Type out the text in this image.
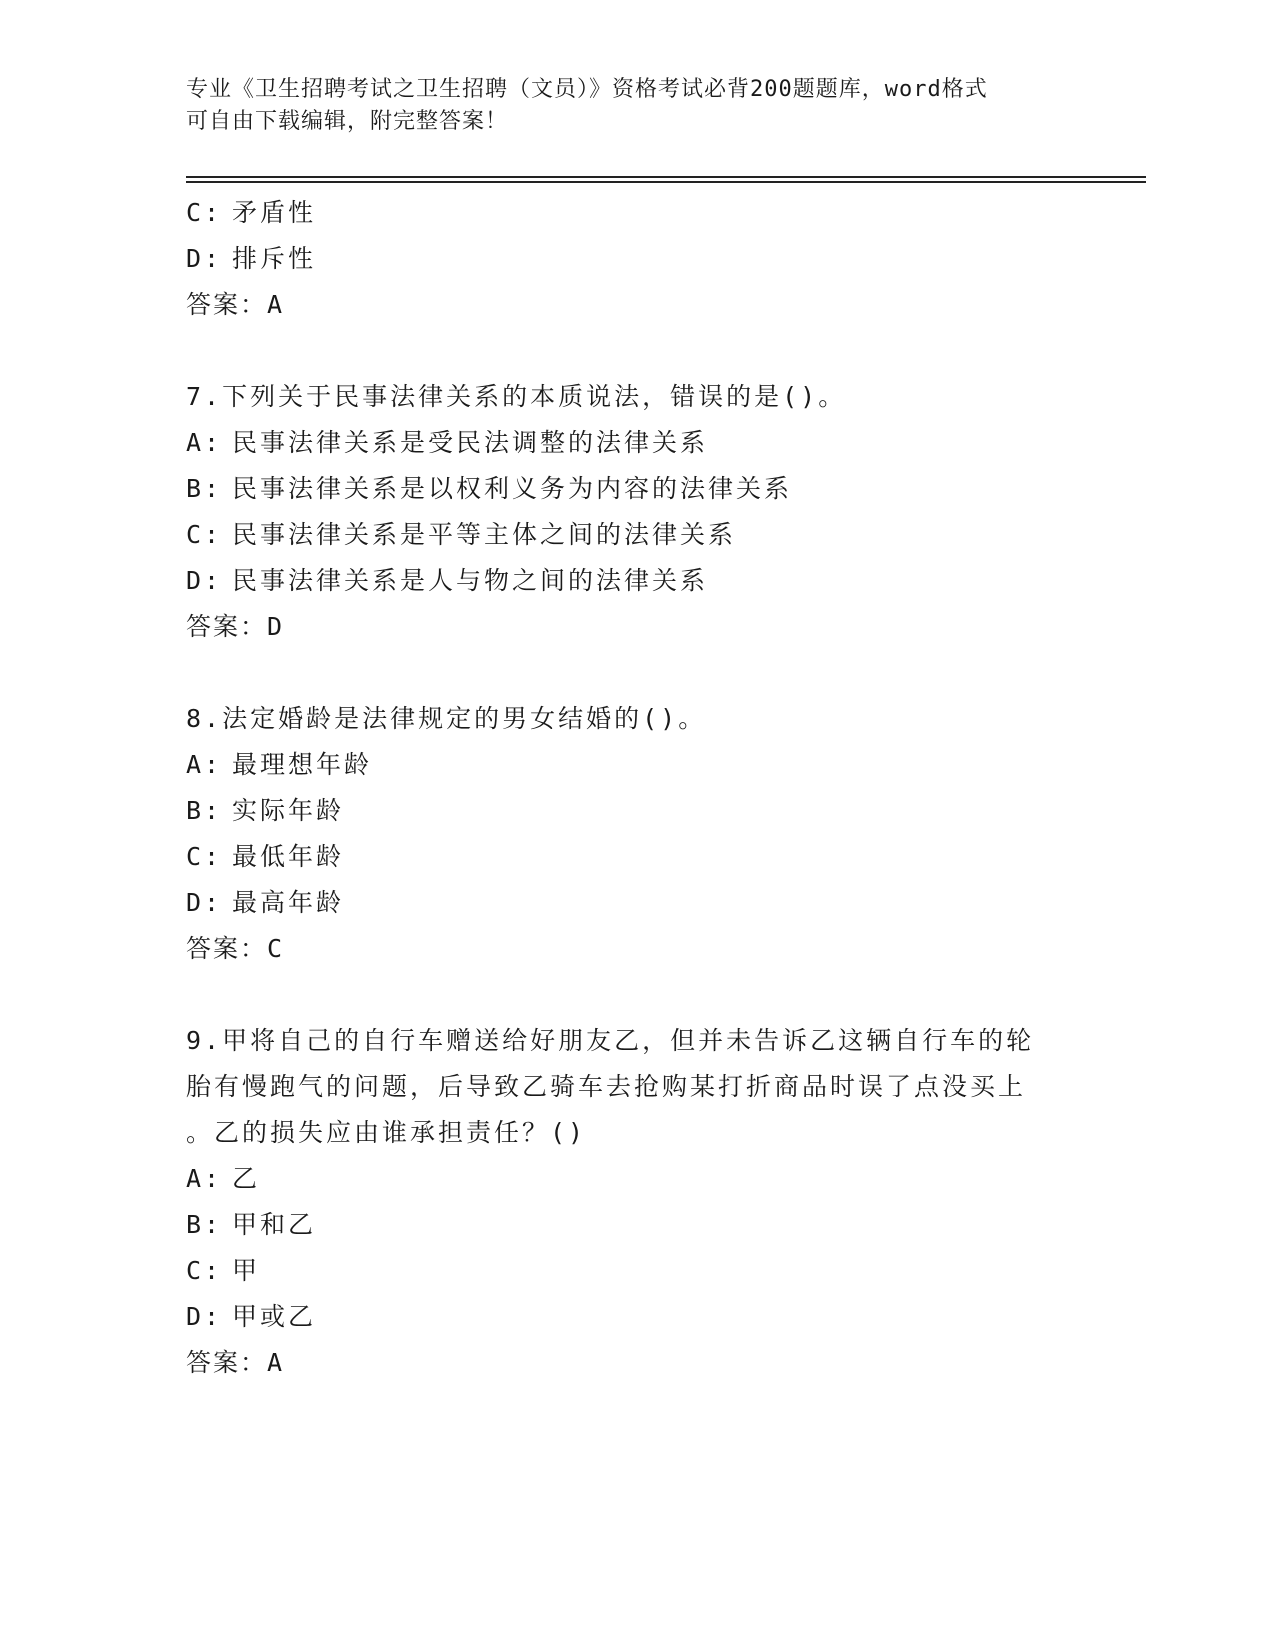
专业《卫生招聘考试之卫生招聘（文员）》资格考试必背200题题库，word格式
可自由下载编辑，附完整答案！
C: 矛盾性
D: 排斥性
答案：A
7.下列关于民事法律关系的本质说法，错误的是()。
A: 民事法律关系是受民法调整的法律关系
B: 民事法律关系是以权利义务为内容的法律关系
C: 民事法律关系是平等主体之间的法律关系
D: 民事法律关系是人与物之间的法律关系
答案：D
8.法定婚龄是法律规定的男女结婚的()。
A: 最理想年龄
B: 实际年龄
C: 最低年龄
D: 最高年龄
答案：C
9.甲将自己的自行车赠送给好朋友乙，但并未告诉乙这辆自行车的轮
胎有慢跑气的问题，后导致乙骑车去抢购某打折商品时误了点没买上
。乙的损失应由谁承担责任？()
A: 乙
B: 甲和乙
C: 甲
D: 甲或乙
答案：A
